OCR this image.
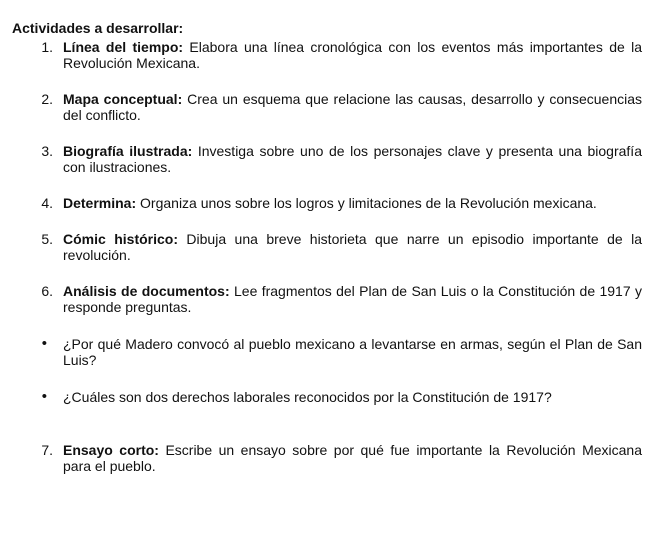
Actividades a desarrollar:
1. Línea del tiempo: Elabora una línea cronológica con los eventos más importantes de la Revolución Mexicana.
2. Mapa conceptual: Crea un esquema que relacione las causas, desarrollo y consecuencias del conflicto.
3. Biografía ilustrada: Investiga sobre uno de los personajes clave y presenta una biografía con ilustraciones.
4. Determina: Organiza unos sobre los logros y limitaciones de la Revolución mexicana.
5. Cómic histórico: Dibuja una breve historieta que narre un episodio importante de la revolución.
6. Análisis de documentos: Lee fragmentos del Plan de San Luis o la Constitución de 1917 y responde preguntas.
•	¿Por qué Madero convocó al pueblo mexicano a levantarse en armas, según el Plan de San Luis?
•	¿Cuáles son dos derechos laborales reconocidos por la Constitución de 1917?
7. Ensayo corto: Escribe un ensayo sobre por qué fue importante la Revolución Mexicana para el pueblo.
